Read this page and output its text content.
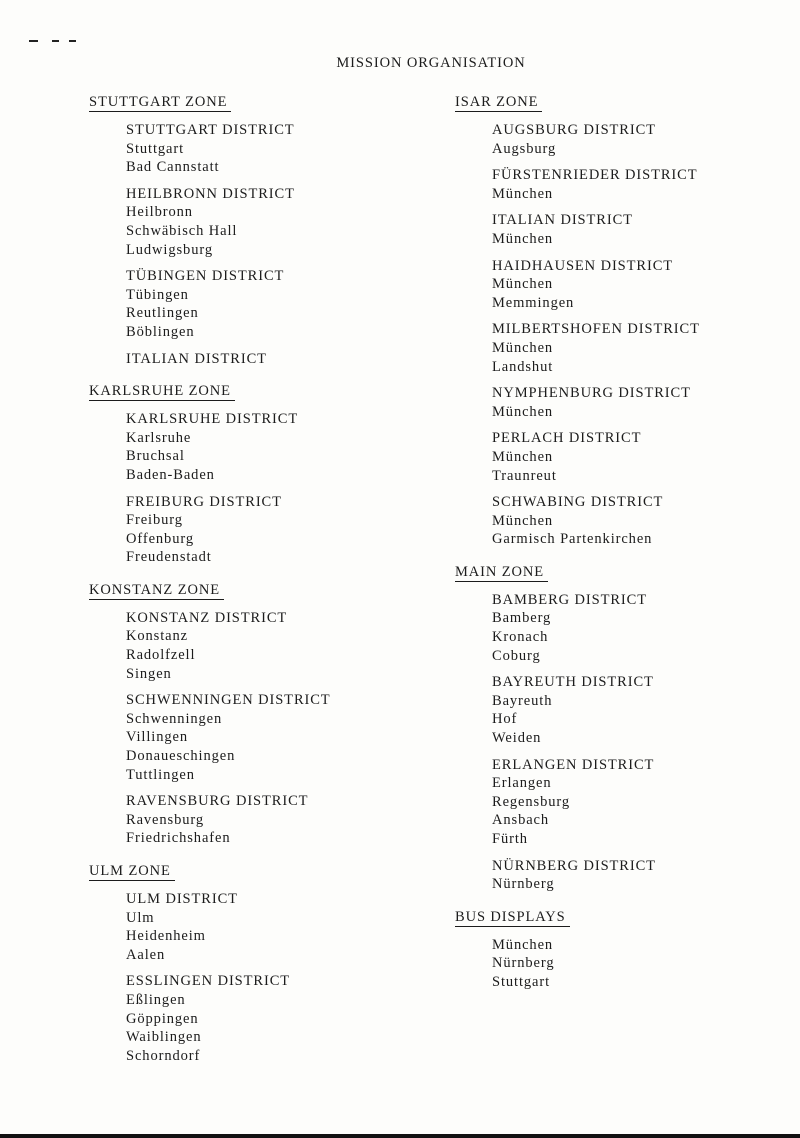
MISSION ORGANISATION
STUTTGART ZONE
STUTTGART DISTRICT
Stuttgart
Bad Cannstatt
HEILBRONN DISTRICT
Heilbronn
Schwäbisch Hall
Ludwigsburg
TÜBINGEN DISTRICT
Tübingen
Reutlingen
Böblingen
ITALIAN DISTRICT
KARLSRUHE ZONE
KARLSRUHE DISTRICT
Karlsruhe
Bruchsal
Baden-Baden
FREIBURG DISTRICT
Freiburg
Offenburg
Freudenstadt
KONSTANZ ZONE
KONSTANZ DISTRICT
Konstanz
Radolfzell
Singen
SCHWENNINGEN DISTRICT
Schwenningen
Villingen
Donaueschingen
Tuttlingen
RAVENSBURG DISTRICT
Ravensburg
Friedrichshafen
ULM ZONE
ULM DISTRICT
Ulm
Heidenheim
Aalen
ESSLINGEN DISTRICT
Eßlingen
Göppingen
Waiblingen
Schorndorf
ISAR ZONE
AUGSBURG DISTRICT
Augsburg
FÜRSTENRIEDER DISTRICT
München
ITALIAN DISTRICT
München
HAIDHAUSEN DISTRICT
München
Memmingen
MILBERTSHOFEN DISTRICT
München
Landshut
NYMPHENBURG DISTRICT
München
PERLACH DISTRICT
München
Traunreut
SCHWABING DISTRICT
München
Garmisch Partenkirchen
MAIN ZONE
BAMBERG DISTRICT
Bamberg
Kronach
Coburg
BAYREUTH DISTRICT
Bayreuth
Hof
Weiden
ERLANGEN DISTRICT
Erlangen
Regensburg
Ansbach
Fürth
NÜRNBERG DISTRICT
Nürnberg
BUS DISPLAYS
München
Nürnberg
Stuttgart
